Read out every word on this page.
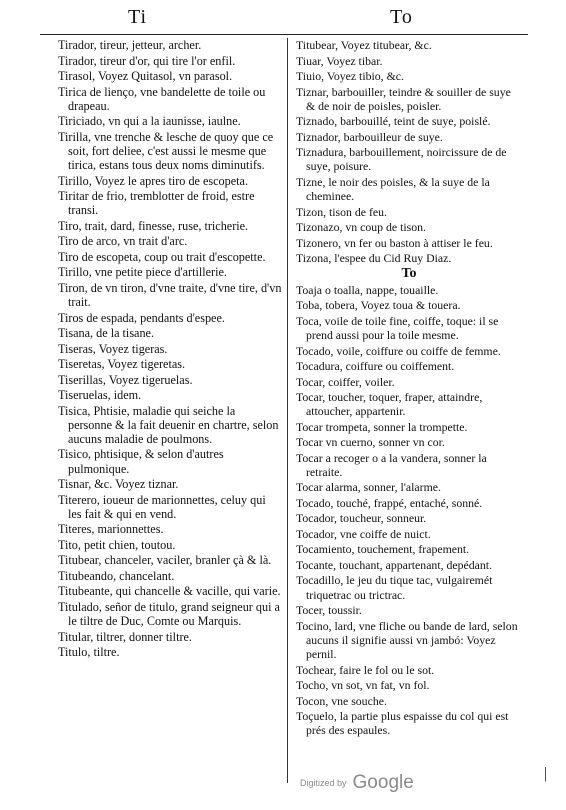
Ti	To
Tirador, tireur, jetteur, archer.
Tirador, tireur d'or, qui tire l'or enfil.
Tirasol, Voyez Quitasol, vn parasol.
Tirica de lienço, vne bandelette de toile ou drapeau.
Tiriciado, vn qui a la iaunisse, iaulne.
Tirilla, vne trenche & lesche de quoy que ce soit, fort deliee, c'est aussi le mesme que tirica, estans tous deux noms diminutifs.
Tirillo, Voyez le apres tiro de escopeta.
Tiritar de frio, tremblotter de froid, estre transi.
Tiro, trait, dard, finesse, ruse, tricherie.
Tiro de arco, vn trait d'arc.
Tiro de escopeta, coup ou trait d'escopette.
Tirillo, vne petite piece d'artillerie.
Tiron, de vn tiron, d'vne traite, d'vne tire, d'vn trait.
Tiros de espada, pendants d'espee.
Tisana, de la tisane.
Tiseras, Voyez tigeras.
Tiseretas, Voyez tigeretas.
Tiserillas, Voyez tigeruelas.
Tiseruelas, idem.
Tisica, Phtisie, maladie qui seiche la personne & la fait deuenir en chartre, selon aucuns maladie de poulmons.
Tisico, phtisique, & selon d'autres pulmonique.
Tisnar, &c. Voyez tiznar.
Titerero, ioueur de marionnettes, celuy qui les fait & qui en vend.
Titeres, marionnettes.
Tito, petit chien, toutou.
Titubear, chanceler, vaciler, branler çà & là.
Titubeando, chancelant.
Titubeante, qui chancelle & vacille, qui varie.
Titulado, señor de titulo, grand seigneur qui a le tiltre de Duc, Comte ou Marquis.
Titular, tiltrer, donner tiltre.
Titulo, tiltre.
Titubear, Voyez titubear, &c.
Tiuar, Voyez tibar.
Tiuio, Voyez tibio, &c.
Tiznar, barbouiller, teindre & souiller de suye & de noir de poisles, poisler.
Tiznado, barbouillé, teint de suye, poislé.
Tiznador, barbouilleur de suye.
Tiznadura, barbouillement, noircissure de de suye, poisure.
Tizne, le noir des poisles, & la suye de la cheminee.
Tizon, tison de feu.
Tizonazo, vn coup de tison.
Tizonero, vn fer ou baston à attiser le feu.
Tizona, l'espee du Cid Ruy Diaz.
To
Toaja o toalla, nappe, touaille.
Toba, tobera, Voyez toua & touera.
Toca, voile de toile fine, coiffe, toque: il se prend aussi pour la toile mesme.
Tocado, voile, coiffure ou coiffe de femme.
Tocadura, coiffure ou coiffement.
Tocar, coiffer, voiler.
Tocar, toucher, toquer, fraper, attaindre, attoucher, appartenir.
Tocar trompeta, sonner la trompette.
Tocar vn cuerno, sonner vn cor.
Tocar a recoger o a la vandera, sonner la retraite.
Tocar alarma, sonner, l'alarme.
Tocado, touché, frappé, entaché, sonné.
Tocador, toucheur, sonneur.
Tocador, vne coiffe de nuict.
Tocamiento, touchement, frapement.
Tocante, touchant, appartenant, depédant.
Tocadillo, le jeu du tique tac, vulgairemét triquetrac ou trictrac.
Tocer, toussir.
Tocino, lard, vne fliche ou bande de lard, selon aucuns il signifie aussi vn jambó: Voyez pernil.
Tochear, faire le fol ou le sot.
Tocho, vn sot, vn fat, vn fol.
Tocon, vne souche.
Toçuelo, la partie plus espaisse du col qui est prés des espaules.
Digitized by Google	|
